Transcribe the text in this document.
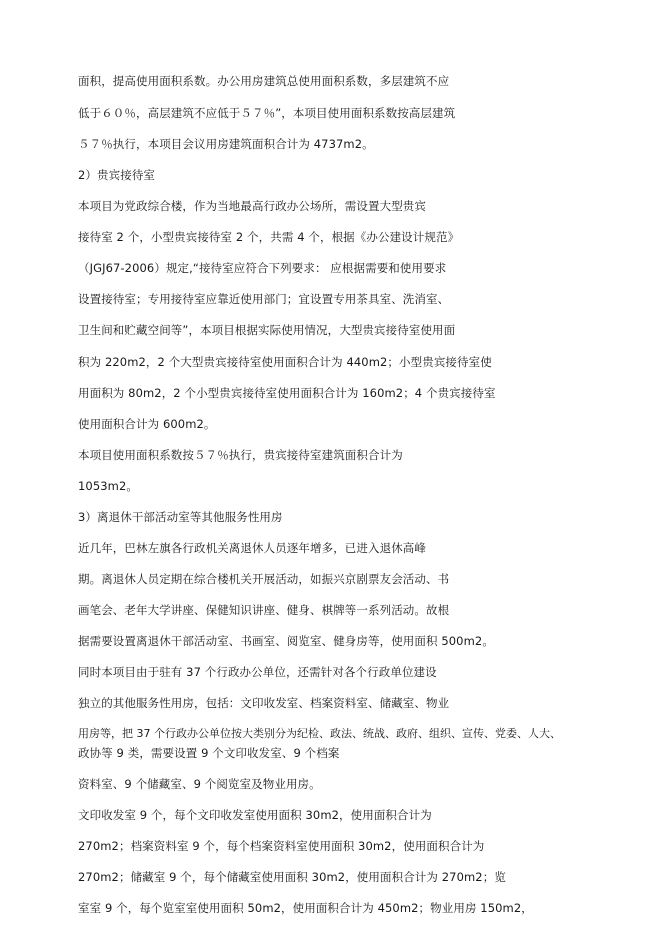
面积，提高使用面积系数。办公用房建筑总使用面积系数，多层建筑不应
低于６０％，高层建筑不应低于５７％”，本项目使用面积系数按高层建筑
５７％执行，本项目会议用房建筑面积合计为 4737m2。
2）贵宾接待室
本项目为党政综合楼，作为当地最高行政办公场所，需设置大型贵宾
接待室 2 个，小型贵宾接待室 2 个，共需 4 个，根据《办公建设计规范》
（JGJ67-2006）规定,“接待室应符合下列要求： 应根据需要和使用要求
设置接待室；专用接待室应靠近使用部门；宜设置专用茶具室、洗消室、
卫生间和贮藏空间等”，本项目根据实际使用情况，大型贵宾接待室使用面
积为 220m2，2 个大型贵宾接待室使用面积合计为 440m2；小型贵宾接待室使
用面积为 80m2，2 个小型贵宾接待室使用面积合计为 160m2；4 个贵宾接待室
使用面积合计为 600m2。
本项目使用面积系数按５７％执行，贵宾接待室建筑面积合计为
1053m2。
3）离退休干部活动室等其他服务性用房
近几年，巴林左旗各行政机关离退休人员逐年增多，已进入退休高峰
期。离退休人员定期在综合楼机关开展活动，如振兴京剧票友会活动、书
画笔会、老年大学讲座、保健知识讲座、健身、棋牌等一系列活动。故根
据需要设置离退休干部活动室、书画室、阅览室、健身房等，使用面积 500m2。
同时本项目由于驻有 37 个行政办公单位，还需针对各个行政单位建设
独立的其他服务性用房，包括：文印收发室、档案资料室、储藏室、物业
用房等，把 37 个行政办公单位按大类别分为纪检、政法、统战、政府、组织、宣传、党委、人大、
政协等 9 类，需要设置 9 个文印收发室、9 个档案
资料室、9 个储藏室、9 个阅览室及物业用房。
文印收发室 9 个，每个文印收发室使用面积 30m2，使用面积合计为
270m2；档案资料室 9 个，每个档案资料室使用面积 30m2，使用面积合计为
270m2；储藏室 9 个，每个储藏室使用面积 30m2，使用面积合计为 270m2；览
室室 9 个，每个览室室使用面积 50m2，使用面积合计为 450m2；物业用房 150m2，
